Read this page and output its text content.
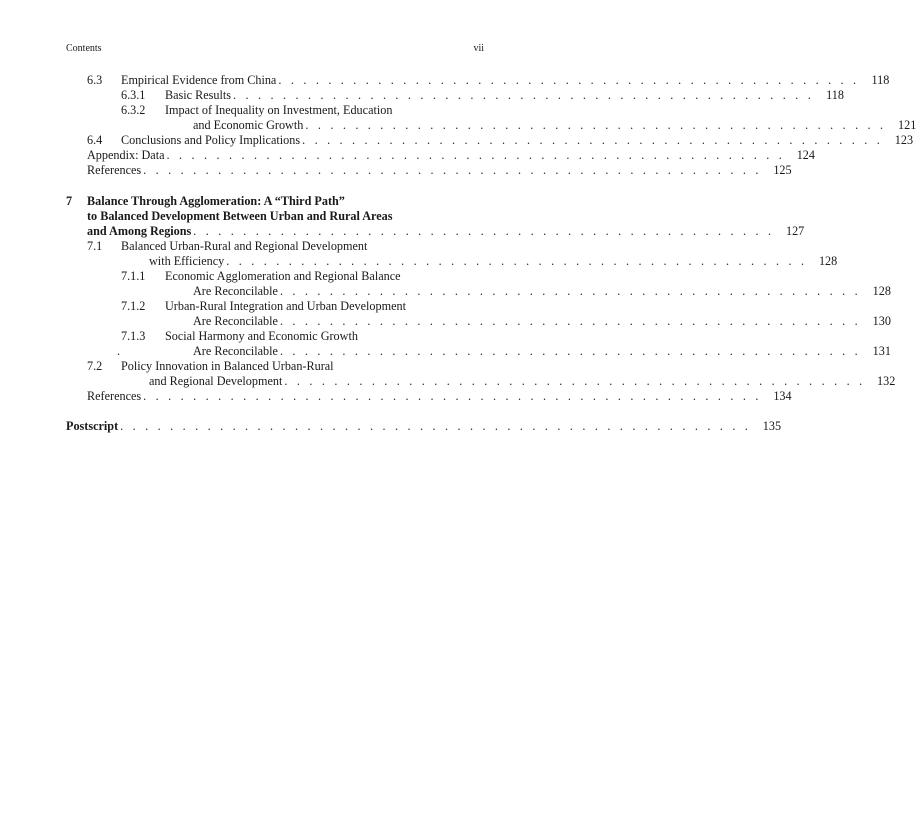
Contents	vii
6.3 Empirical Evidence from China . . . . . . . . . . . . . . . . . . . . . . . . . . . . . . . . . . . . . . . . . . . . . . . 118
6.3.1 Basic Results . . . . . . . . . . . . . . . . . . . . . . . . . . . . . . . . . . . . . . . . . . . . . . . 118
6.3.2 Impact of Inequality on Investment, Education
and Economic Growth . . . . . . . . . . . . . . . . . . . . . . . . . . . . . . . . . . . . . . . . . . . . . . . 121
6.4 Conclusions and Policy Implications . . . . . . . . . . . . . . . . . . . . . . . . . . . . . . . . . . . . . . . . . . . . . . . 123
Appendix: Data . . . . . . . . . . . . . . . . . . . . . . . . . . . . . . . . . . . . . . . . . . . . . . . . . . 124
References . . . . . . . . . . . . . . . . . . . . . . . . . . . . . . . . . . . . . . . . . . . . . . . . . . 125
7 Balance Through Agglomeration: A “Third Path”
to Balanced Development Between Urban and Rural Areas
and Among Regions . . . . . . . . . . . . . . . . . . . . . . . . . . . . . . . . . . . . . . . . . . . . . . . 127
7.1 Balanced Urban-Rural and Regional Development
with Efficiency . . . . . . . . . . . . . . . . . . . . . . . . . . . . . . . . . . . . . . . . . . . . . . . 128
7.1.1 Economic Agglomeration and Regional Balance
Are Reconcilable . . . . . . . . . . . . . . . . . . . . . . . . . . . . . . . . . . . . . . . . . . . . . . . 128
7.1.2 Urban-Rural Integration and Urban Development
Are Reconcilable . . . . . . . . . . . . . . . . . . . . . . . . . . . . . . . . . . . . . . . . . . . . . . . 130
7.1.3 Social Harmony and Economic Growth
.	Are Reconcilable . . . . . . . . . . . . . . . . . . . . . . . . . . . . . . . . . . . . . . . . . . . . . . . 131
7.2 Policy Innovation in Balanced Urban-Rural
and Regional Development . . . . . . . . . . . . . . . . . . . . . . . . . . . . . . . . . . . . . . . . . . . . . . . 132
References . . . . . . . . . . . . . . . . . . . . . . . . . . . . . . . . . . . . . . . . . . . . . . . . . . 134
Postscript . . . . . . . . . . . . . . . . . . . . . . . . . . . . . . . . . . . . . . . . . . . . . . . . . . . 135
